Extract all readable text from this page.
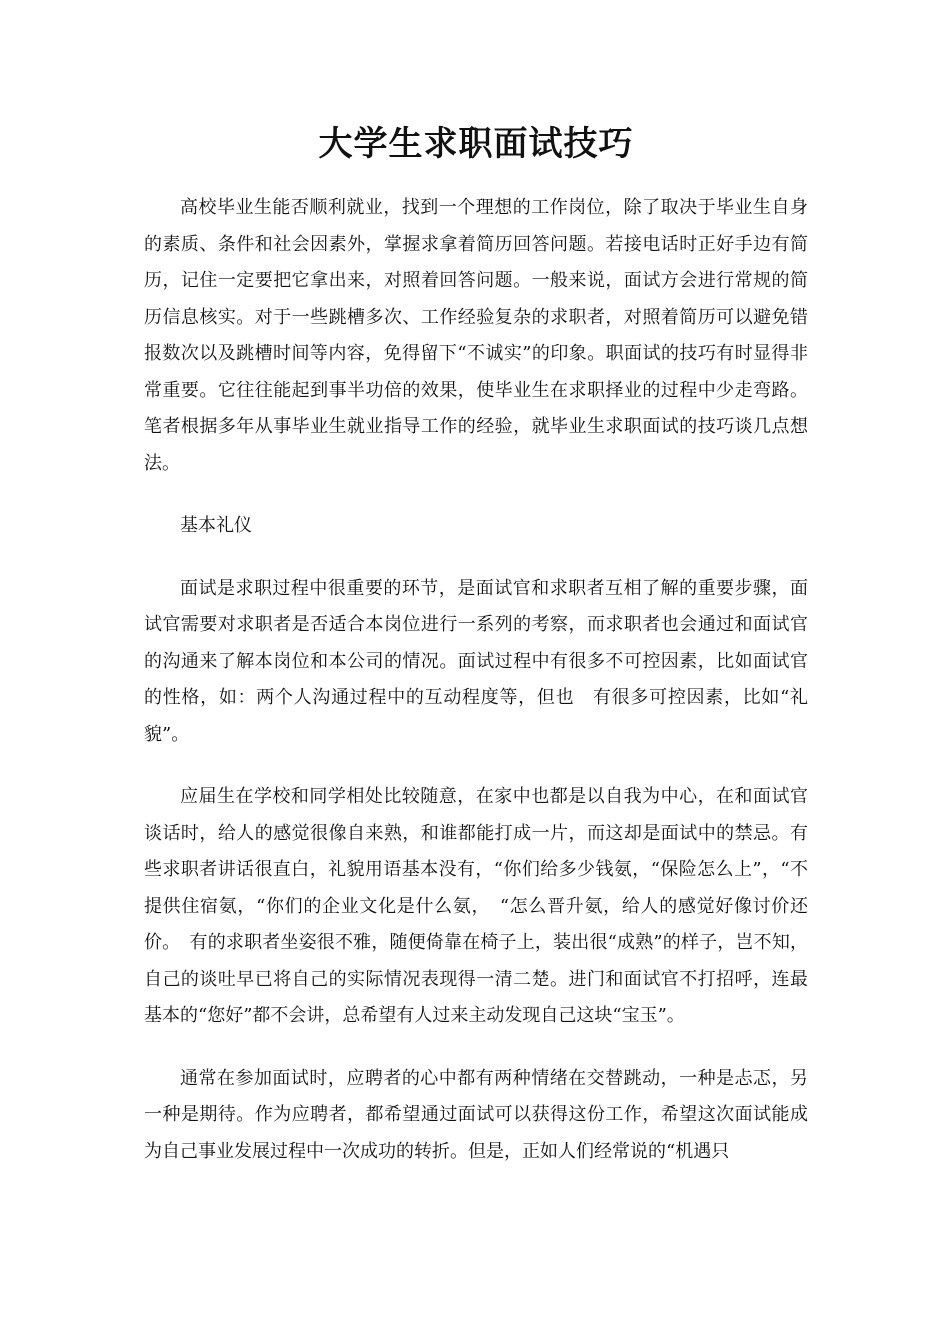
大学生求职面试技巧

高校毕业生能否顺利就业，找到一个理想的工作岗位，除了取决于毕业生自身的素质、条件和社会因素外，掌握求拿着简历回答问题。若接电话时正好手边有简历，记住一定要把它拿出来，对照着回答问题。一般来说，面试方会进行常规的简历信息核实。对于一些跳槽多次、工作经验复杂的求职者，对照着简历可以避免错报数次以及跳槽时间等内容，免得留下“不诚实”的印象。职面试的技巧有时显得非常重要。它往往能起到事半功倍的效果，使毕业生在求职择业的过程中少走弯路。笔者根据多年从事毕业生就业指导工作的经验，就毕业生求职面试的技巧谈几点想法。

基本礼仪

面试是求职过程中很重要的环节，是面试官和求职者互相了解的重要步骤，面试官需要对求职者是否适合本岗位进行一系列的考察，而求职者也会通过和面试官的沟通来了解本岗位和本公司的情况。面试过程中有很多不可控因素，比如面试官的性格，如：两个人沟通过程中的互动程度等，但也　有很多可控因素，比如“礼貌”。

应届生在学校和同学相处比较随意，在家中也都是以自我为中心，在和面试官谈话时，给人的感觉很像自来熟，和谁都能打成一片，而这却是面试中的禁忌。有些求职者讲话很直白，礼貌用语基本没有，“你们给多少钱氨，“保险怎么上”，“不提供住宿氨，“你们的企业文化是什么氨，　“怎么晋升氨，给人的感觉好像讨价还价。　有的求职者坐姿很不雅，随便倚靠在椅子上，装出很“成熟”的样子，岂不知，自己的谈吐早已将自己的实际情况表现得一清二楚。进门和面试官不打招呼，连最基本的“您好”都不会讲，总希望有人过来主动发现自己这块“宝玉”。

通常在参加面试时，应聘者的心中都有两种情绪在交替跳动，一种是忐忑，另一种是期待。作为应聘者，都希望通过面试可以获得这份工作，希望这次面试能成为自己事业发展过程中一次成功的转折。但是，正如人们经常说的“机遇只
